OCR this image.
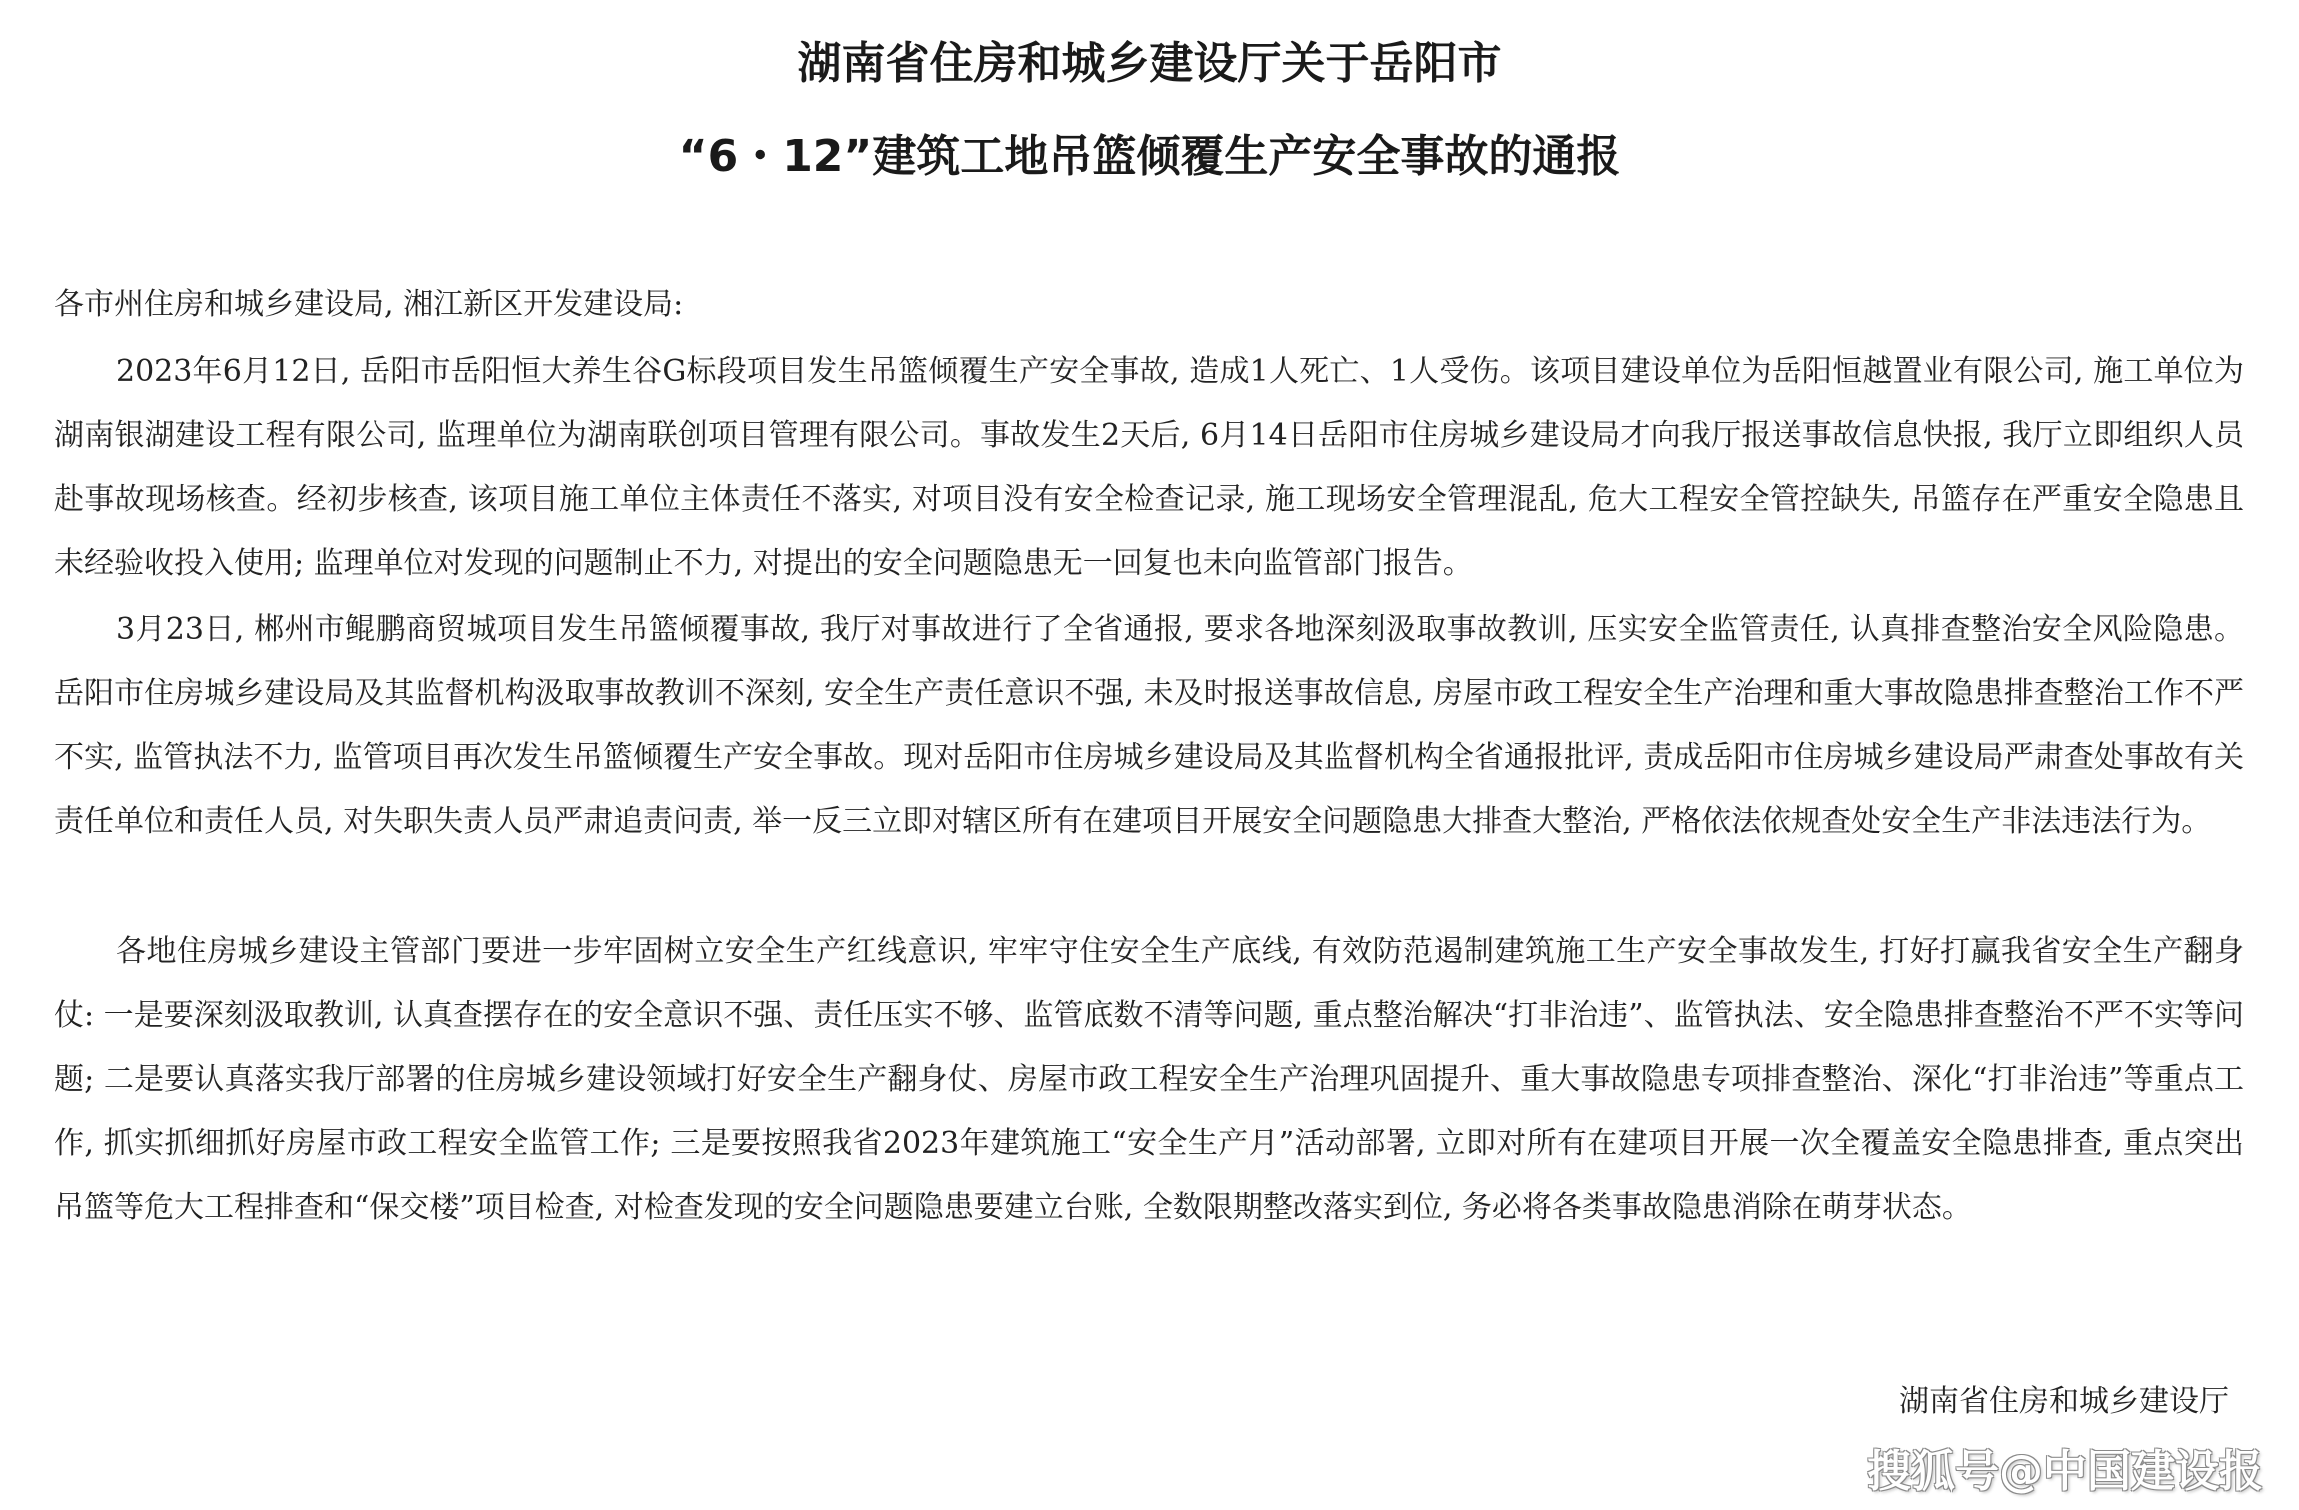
湖南省住房和城乡建设厅关于岳阳市
“6・12”建筑工地吊篮倾覆生产安全事故的通报
各市州住房和城乡建设局, 湘江新区开发建设局:

2023年6月12日, 岳阳市岳阳恒大养生谷G标段项目发生吊篮倾覆生产安全事故, 造成1人死亡、1人受伤。该项目建设单位为岳阳恒越置业有限公司, 施工单位为湖南银湖建设工程有限公司, 监理单位为湖南联创项目管理有限公司。事故发生2天后, 6月14日岳阳市住房城乡建设局才向我厅报送事故信息快报, 我厅立即组织人员赴事故现场核查。经初步核查, 该项目施工单位主体责任不落实, 对项目没有安全检查记录, 施工现场安全管理混乱, 危大工程安全管控缺失, 吊篮存在严重安全隐患且未经验收投入使用; 监理单位对发现的问题制止不力, 对提出的安全问题隐患无一回复也未向监管部门报告。

3月23日, 郴州市鲲鹏商贸城项目发生吊篮倾覆事故, 我厅对事故进行了全省通报, 要求各地深刻汲取事故教训, 压实安全监管责任, 认真排查整治安全风险隐患。岳阳市住房城乡建设局及其监督机构汲取事故教训不深刻, 安全生产责任意识不强, 未及时报送事故信息, 房屋市政工程安全生产治理和重大事故隐患排查整治工作不严不实, 监管执法不力, 监管项目再次发生吊篮倾覆生产安全事故。现对岳阳市住房城乡建设局及其监督机构全省通报批评, 责成岳阳市住房城乡建设局严肃查处事故有关责任单位和责任人员, 对失职失责人员严肃追责问责, 举一反三立即对辖区所有在建项目开展安全问题隐患大排查大整治, 严格依法依规查处安全生产非法违法行为。

各地住房城乡建设主管部门要进一步牢固树立安全生产红线意识, 牢牢守住安全生产底线, 有效防范遏制建筑施工生产安全事故发生, 打好打赢我省安全生产翻身仗: 一是要深刻汲取教训, 认真查摆存在的安全意识不强、责任压实不够、监管底数不清等问题, 重点整治解决“打非治违”、监管执法、安全隐患排查整治不严不实等问题; 二是要认真落实我厅部署的住房城乡建设领域打好安全生产翻身仗、房屋市政工程安全生产治理巩固提升、重大事故隐患专项排查整治、深化“打非治违”等重点工作, 抓实抓细抓好房屋市政工程安全监管工作; 三是要按照我省2023年建筑施工“安全生产月”活动部署, 立即对所有在建项目开展一次全覆盖安全隐患排查, 重点突出吊篮等危大工程排查和“保交楼”项目检查, 对检查发现的安全问题隐患要建立台账, 全数限期整改落实到位, 务必将各类事故隐患消除在萌芽状态。

湖南省住房和城乡建设厅
搜狐号@中国建设报
